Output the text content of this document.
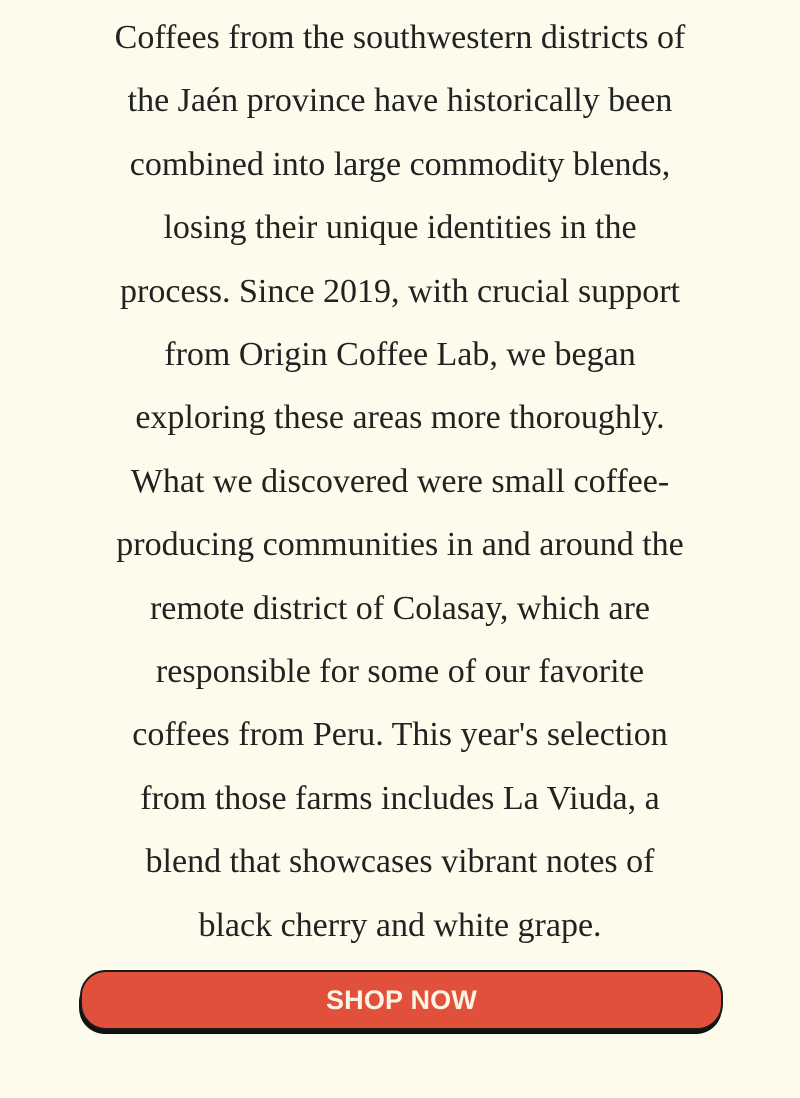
Coffees from the southwestern districts of
the Jaén province have historically been
combined into large commodity blends,
losing their unique identities in the
process. Since 2019, with crucial support
from Origin Coffee Lab, we began
exploring these areas more thoroughly.
What we discovered were small coffee-
producing communities in and around the
remote district of Colasay, which are
responsible for some of our favorite
coffees from Peru. This year's selection
from those farms includes La Viuda, a
blend that showcases vibrant notes of
black cherry and white grape.

SHOP NOW
